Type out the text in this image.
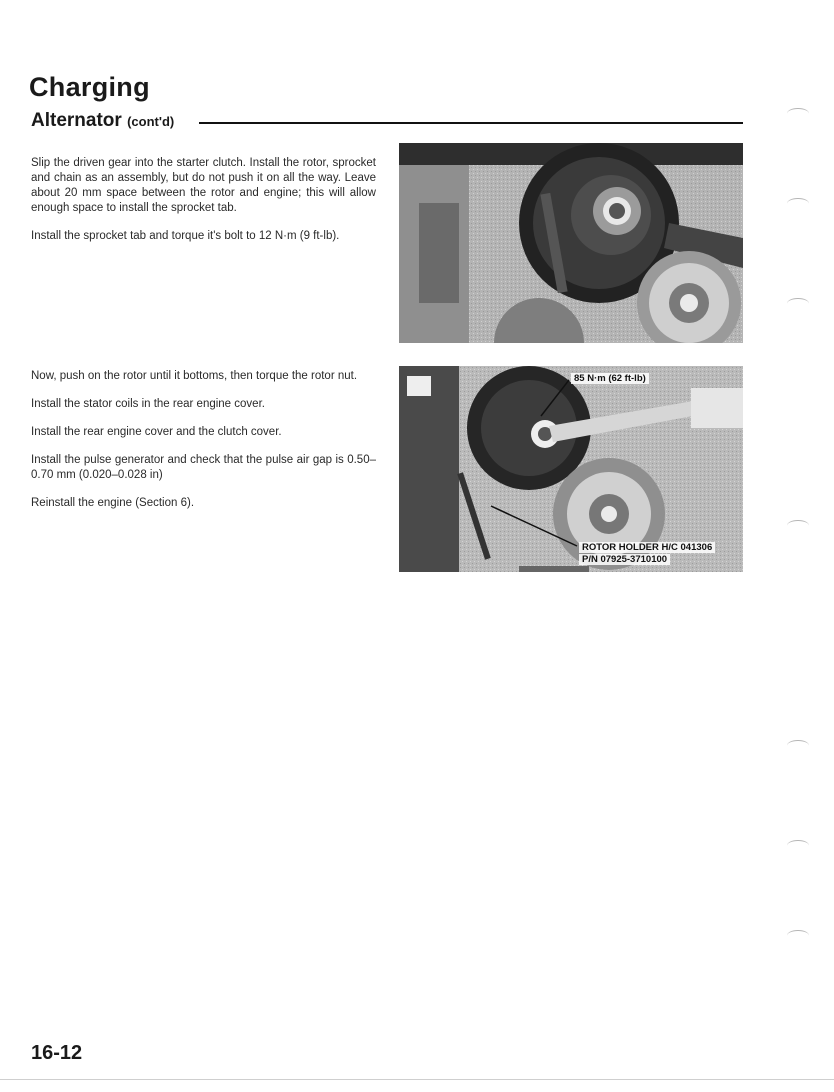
Charging
Alternator (cont'd)

Slip the driven gear into the starter clutch. Install the rotor, sprocket and chain as an assembly, but do not push it on all the way. Leave about 20 mm space between the rotor and engine; this will allow enough space to install the sprocket tab.

Install the sprocket tab and torque it's bolt to 12 N·m (9 ft-lb).

Now, push on the rotor until it bottoms, then torque the rotor nut.

Install the stator coils in the rear engine cover.

Install the rear engine cover and the clutch cover.

Install the pulse generator and check that the pulse air gap is 0.50–0.70 mm (0.020–0.028 in)

Reinstall the engine (Section 6).

85 N·m (62 ft-lb)
ROTOR HOLDER H/C 041306
P/N 07925-3710100
16-12
